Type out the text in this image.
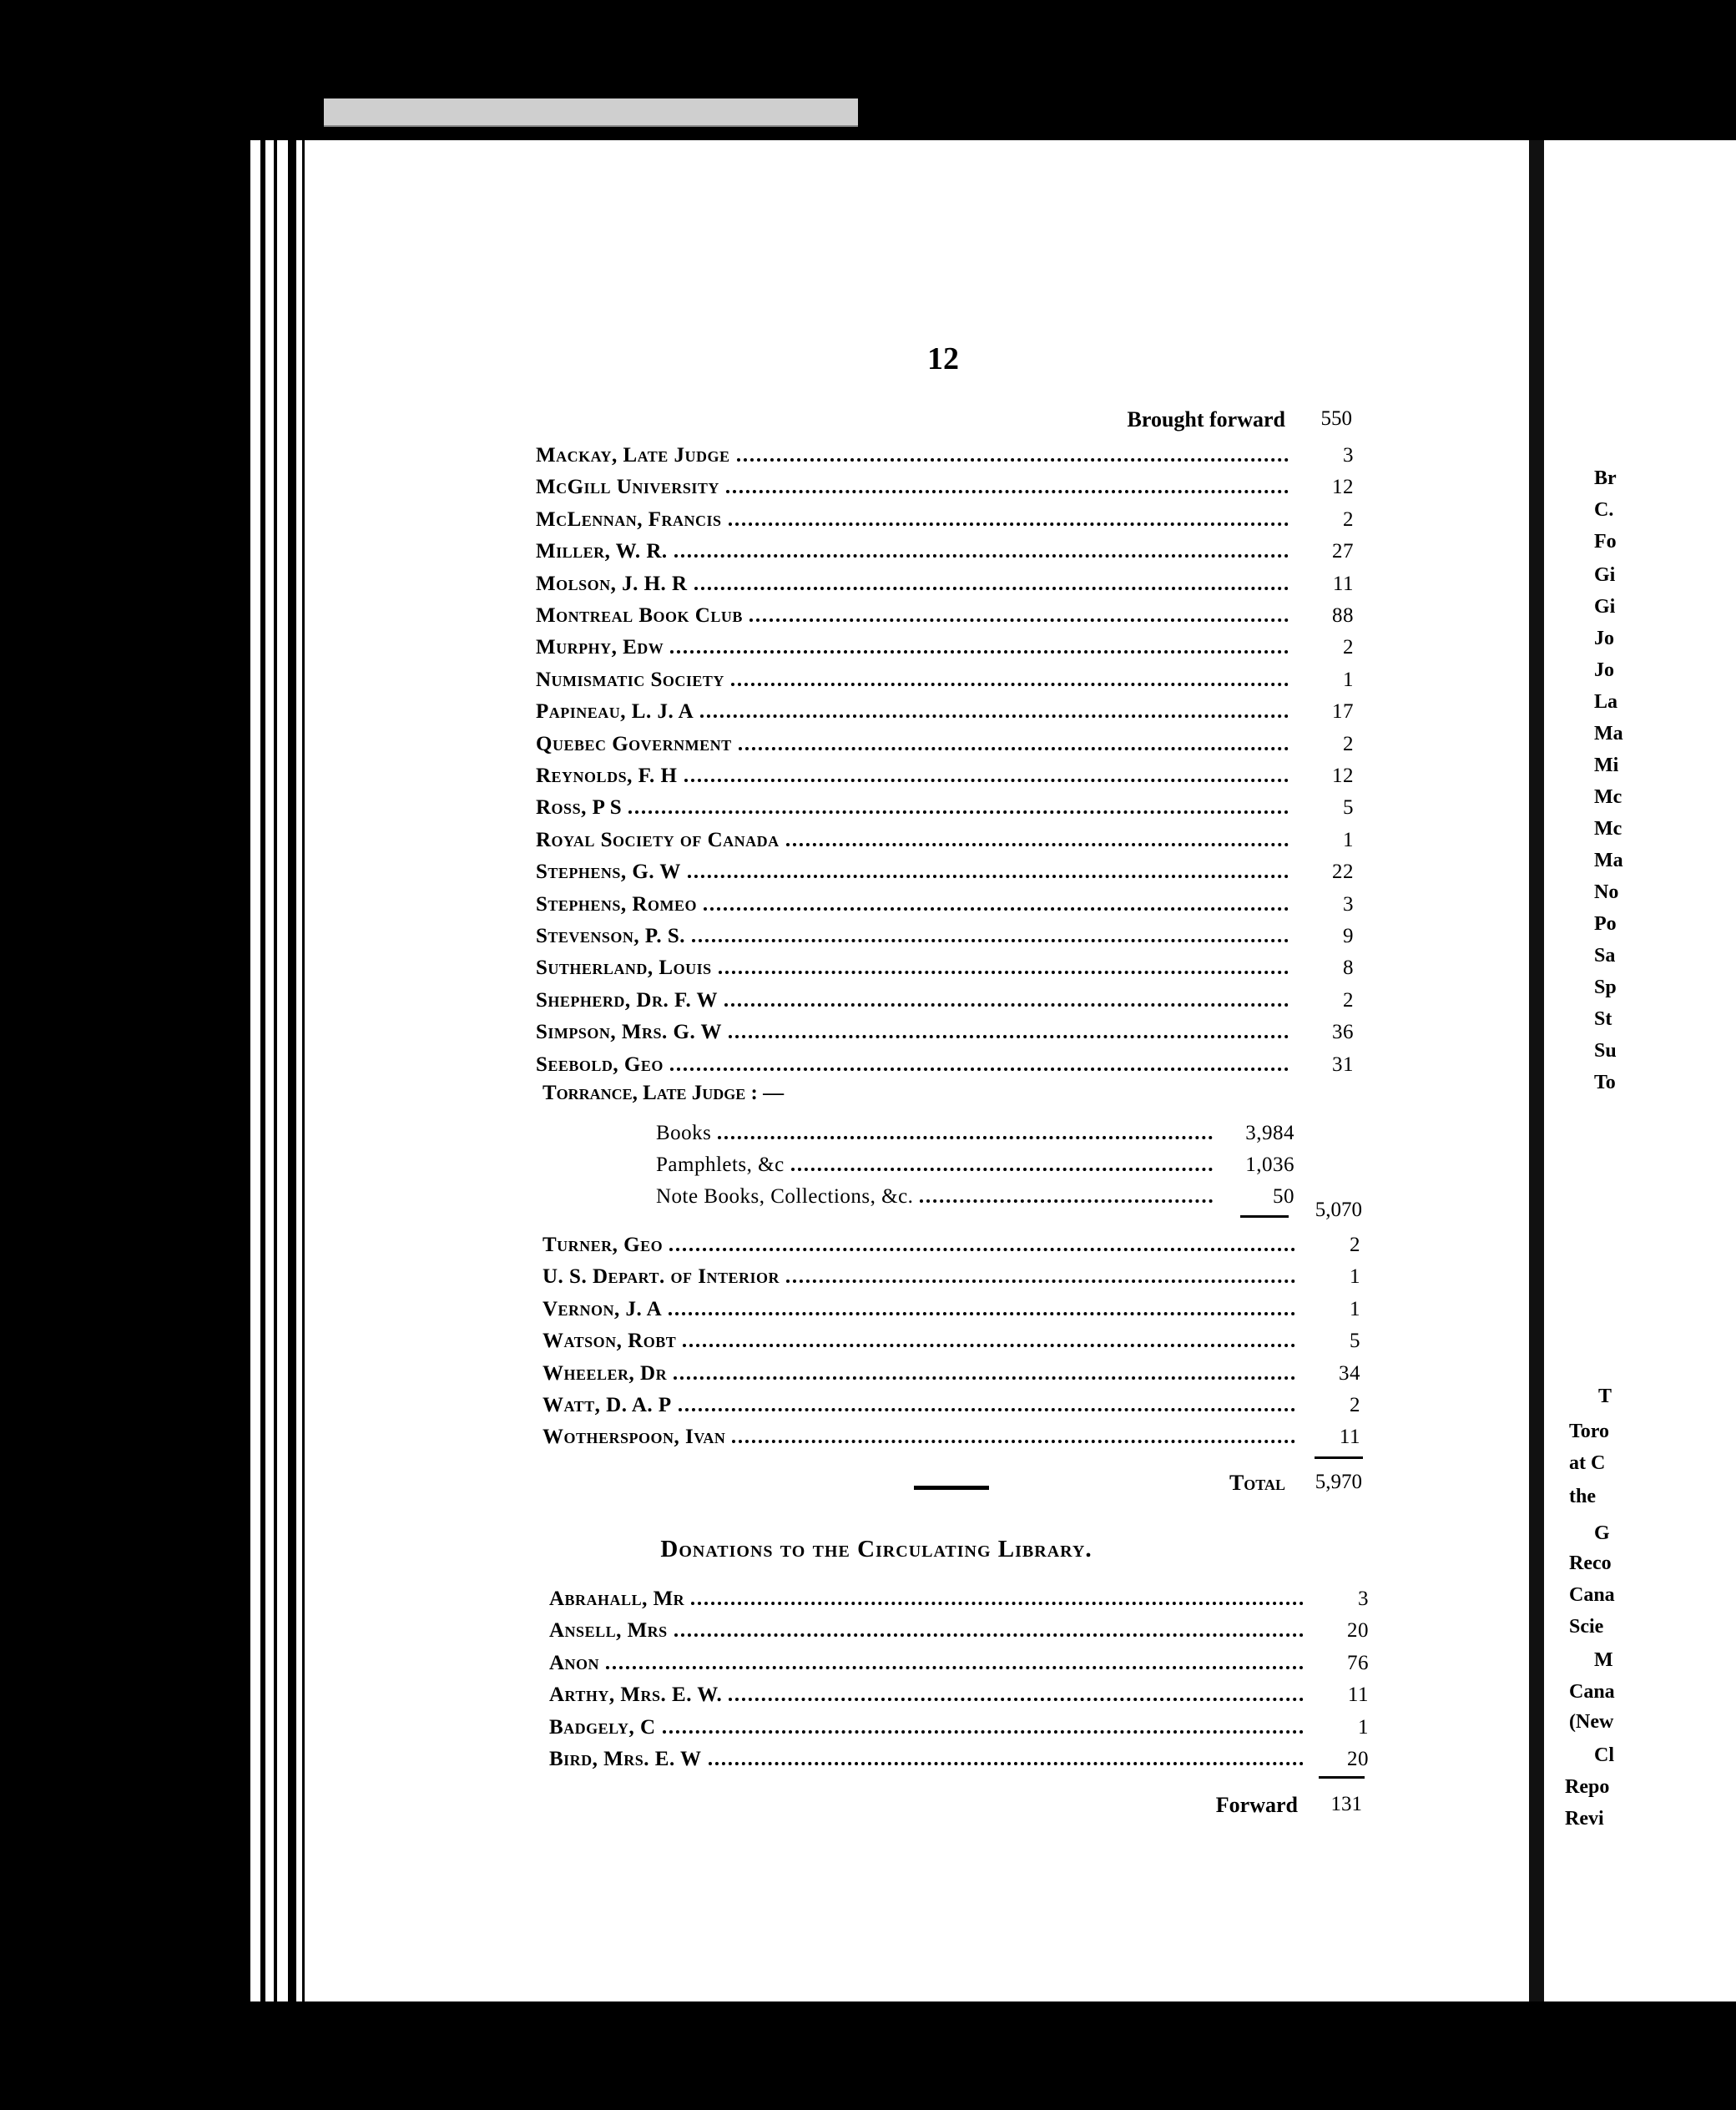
Br
C.
Fo
Gi
Gi
Jo
Jo
La
Ma
Mi
Mc
Mc
Ma
No
Po
Sa
Sp
St
Su
To
T
Toro
at C
the
G
Reco
Cana
Scie
M
Cana
(New
Cl
Repo
Revi
12
Brought forward	550
Mackay, Late Judge	3
McGill University	12
McLennan, Francis	2
Miller, W. R.	27
Molson, J. H. R	11
Montreal Book Club	88
Murphy, Edw	2
Numismatic Society	1
Papineau, L. J. A	17
Quebec Government	2
Reynolds, F. H	12
Ross, P S	5
Royal Society of Canada	1
Stephens, G. W	22
Stephens, Romeo	3
Stevenson, P. S.	9
Sutherland, Louis	8
Shepherd, Dr. F. W	2
Simpson, Mrs. G. W	36
Seebold, Geo	31
Torrance, Late Judge : —
Books	3,984
Pamphlets, &c	1,036
Note Books, Collections, &c.	50
5,070
Turner, Geo	2
U. S. Depart. of Interior	1
Vernon, J. A	1
Watson, Robt	5
Wheeler, Dr	34
Watt, D. A. P	2
Wotherspoon, Ivan	11
Total	5,970
Donations to the Circulating Library.
Abrahall, Mr	3
Ansell, Mrs	20
Anon	76
Arthy, Mrs. E. W.	11
Badgely, C	1
Bird, Mrs. E. W	20
Forward	131
